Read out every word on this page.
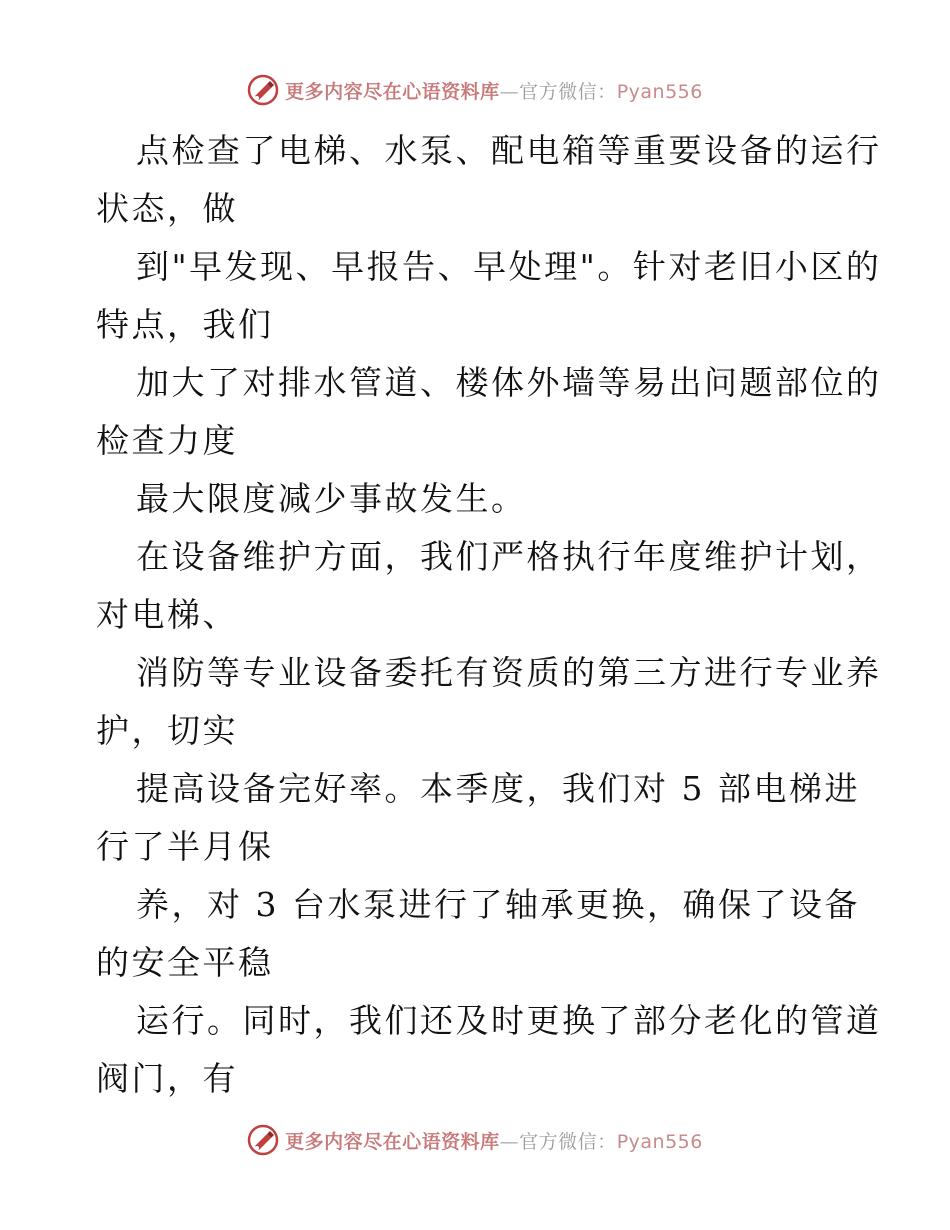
更多内容尽在心语资料库—官方微信：Pyan556
点检查了电梯、水泵、配电箱等重要设备的运行
状态，做
到"早发现、早报告、早处理"。针对老旧小区的
特点，我们
加大了对排水管道、楼体外墙等易出问题部位的
检查力度
最大限度减少事故发生。
在设备维护方面，我们严格执行年度维护计划，
对电梯、
消防等专业设备委托有资质的第三方进行专业养
护，切实
提高设备完好率。本季度，我们对 5 部电梯进
行了半月保
养，对 3 台水泵进行了轴承更换，确保了设备
的安全平稳
运行。同时，我们还及时更换了部分老化的管道
阀门，有
更多内容尽在心语资料库—官方微信：Pyan556
